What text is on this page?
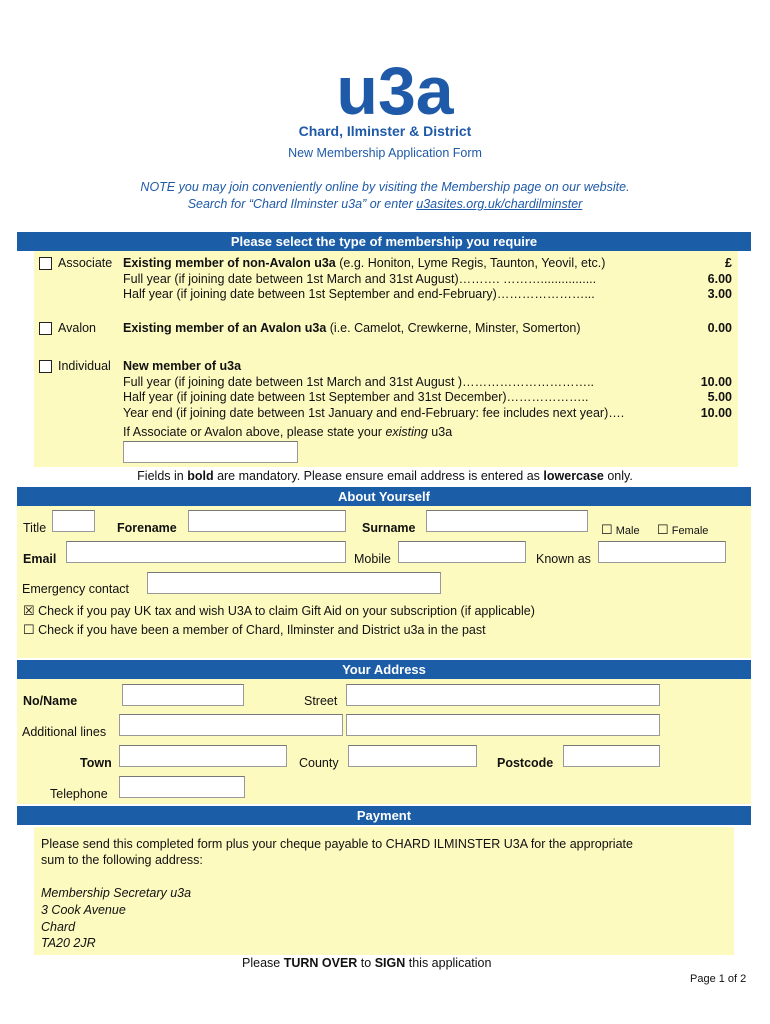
u3a
Chard, Ilminster & District
New Membership Application Form
NOTE you may join conveniently online by visiting the Membership page on our website.
Search for “Chard Ilminster u3a” or enter u3asites.org.uk/chardilminster
Please select the type of membership you require
Associate Existing member of non-Avalon u3a (e.g. Honiton, Lyme Regis, Taunton, Yeovil, etc.)	£
Full year (if joining date between 1st March and 31st August)………. ………................	6.00
Half year (if joining date between 1st September and end-February)…………………...	3.00
Avalon Existing member of an Avalon u3a (i.e. Camelot, Crewkerne, Minster, Somerton)	0.00
Individual New member of u3a
Full year (if joining date between 1st March and 31st August )…………………………..	10.00
Half year (if joining date between 1st September and 31st December)………………..	5.00
Year end (if joining date between 1st January and end-February: fee includes next year)….	10.00
If Associate or Avalon above, please state your existing u3a
Fields in bold are mandatory. Please ensure email address is entered as lowercase only.
About Yourself
Title	Forename	Surname	☐ Male ☐ Female
Email	Mobile	Known as
Emergency contact
☒ Check if you pay UK tax and wish U3A to claim Gift Aid on your subscription (if applicable)
☐ Check if you have been a member of Chard, Ilminster and District u3a in the past
Your Address
No/Name	Street
Additional lines
Town	County	Postcode
Telephone
Payment
Please send this completed form plus your cheque payable to CHARD ILMINSTER U3A for the appropriate
sum to the following address:
Membership Secretary u3a
3 Cook Avenue
Chard
TA20 2JR
Please TURN OVER to SIGN this application
Page 1 of 2
